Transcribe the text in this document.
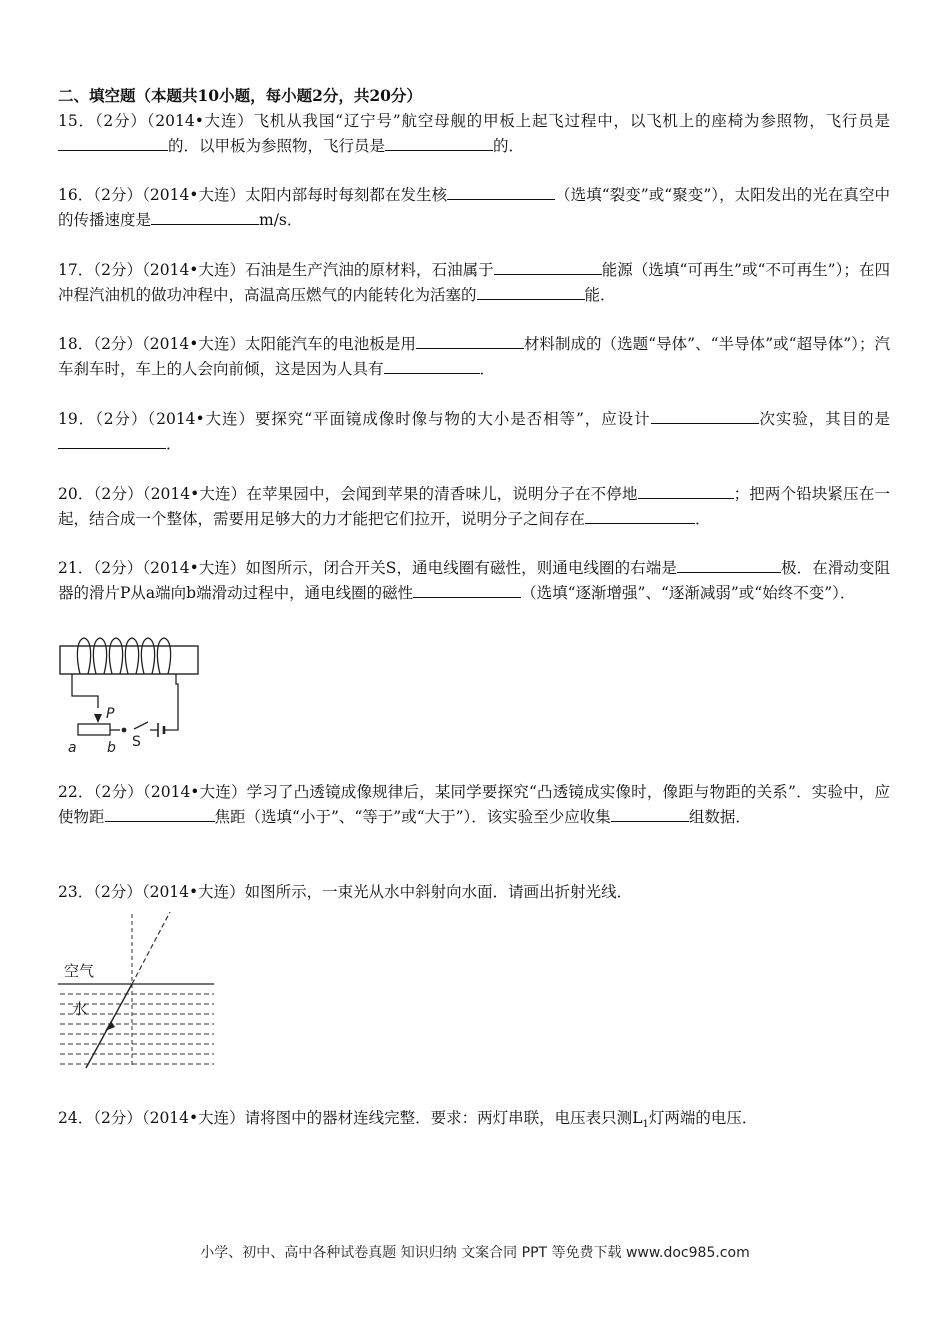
二、填空题（本题共10小题，每小题2分，共20分）
15．（2分）（2014•大连）飞机从我国“辽宁号”航空母舰的甲板上起飞过程中，以飞机上的座椅为参照物，飞行员是的．以甲板为参照物，飞行员是	的．
16．（2分）（2014•大连）太阳内部每时每刻都在发生核	（选填“裂变”或“聚变”），太阳发出的光在真空中的传播速度是	m/s．
17．（2分）（2014•大连）石油是生产汽油的原材料，石油属于	能源（选填“可再生”或“不可再生”）；在四冲程汽油机的做功冲程中，高温高压燃气的内能转化为活塞的	能．
18．（2分）（2014•大连）太阳能汽车的电池板是用	材料制成的（选题“导体”、“半导体”或“超导体”）；汽车刹车时，车上的人会向前倾，这是因为人具有	．
19．（2分）（2014•大连）要探究“平面镜成像时像与物的大小是否相等”，应设计	次实验，其目的是．
20．（2分）（2014•大连）在苹果园中，会闻到苹果的清香味儿，说明分子在不停地	；把两个铅块紧压在一起，结合成一个整体，需要用足够大的力才能把它们拉开，说明分子之间存在	．
21．（2分）（2014•大连）如图所示，闭合开关S，通电线圈有磁性，则通电线圈的右端是	极．在滑动变阻器的滑片P从a端向b端滑动过程中，通电线圈的磁性	（选填“逐渐增强”、“逐渐减弱”或“始终不变”）．
P
a b S
22．（2分）（2014•大连）学习了凸透镜成像规律后，某同学要探究“凸透镜成实像时，像距与物距的关系”．实验中，应使物距	焦距（选填“小于”、“等于”或“大于”）．该实验至少应收集	组数据．
23．（2分）（2014•大连）如图所示，一束光从水中斜射向水面．请画出折射光线．
空气
水
24．（2分）（2014•大连）请将图中的器材连线完整．要求：两灯串联，电压表只测$L_1$灯两端的电压．
小学、初中、高中各种试卷真题 知识归纳 文案合同 PPT 等免费下载 www.doc985.com
